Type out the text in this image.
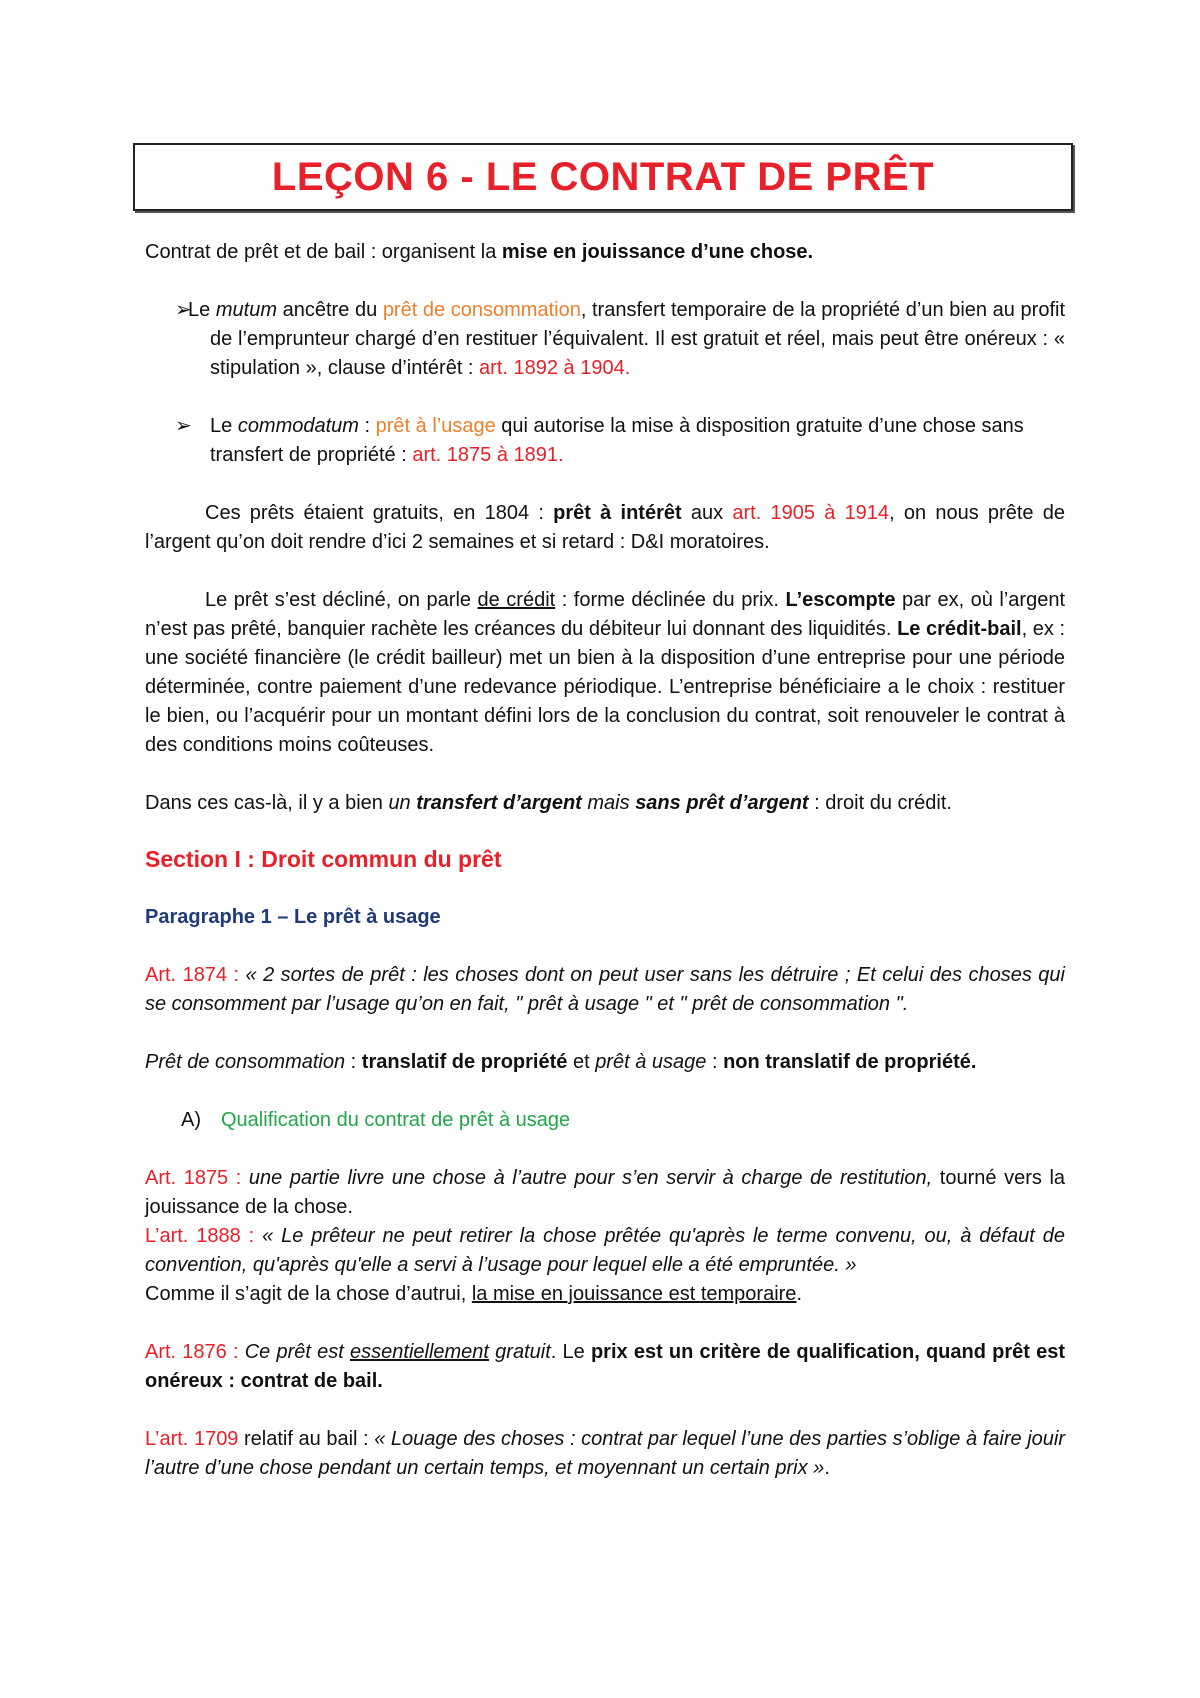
LEÇON 6 - LE CONTRAT DE PRÊT

Contrat de prêt et de bail : organisent la mise en jouissance d’une chose.

➢
Le mutum ancêtre du prêt de consommation, transfert temporaire de la propriété d’un bien au profit de l’emprunteur chargé d’en restituer l’équivalent. Il est gratuit et réel, mais peut être onéreux : « stipulation », clause d’intérêt : art. 1892 à 1904.
➢ Le commodatum : prêt à l’usage qui autorise la mise à disposition gratuite d’une chose sans transfert de propriété : art. 1875 à 1891.

Ces prêts étaient gratuits, en 1804 : prêt à intérêt aux art. 1905 à 1914, on nous prête de l’argent qu’on doit rendre d’ici 2 semaines et si retard : D&I moratoires.

Le prêt s’est décliné, on parle de crédit : forme déclinée du prix. L’escompte par ex, où l’argent n’est pas prêté, banquier rachète les créances du débiteur lui donnant des liquidités. Le crédit-bail, ex : une société financière (le crédit bailleur) met un bien à la disposition d’une entreprise pour une période déterminée, contre paiement d’une redevance périodique. L’entreprise bénéficiaire a le choix : restituer le bien, ou l’acquérir pour un montant défini lors de la conclusion du contrat, soit renouveler le contrat à des conditions moins coûteuses.

Dans ces cas-là, il y a bien un transfert d’argent mais sans prêt d’argent : droit du crédit.

Section I : Droit commun du prêt

Paragraphe 1 – Le prêt à usage

Art. 1874 : « 2 sortes de prêt : les choses dont on peut user sans les détruire ; Et celui des choses qui se consomment par l’usage qu’on en fait, " prêt à usage " et " prêt de consommation ".

Prêt de consommation : translatif de propriété et prêt à usage : non translatif de propriété.

A) Qualification du contrat de prêt à usage

Art. 1875 : une partie livre une chose à l’autre pour s’en servir à charge de restitution, tourné vers la jouissance de la chose.

L’art. 1888 : « Le prêteur ne peut retirer la chose prêtée qu'après le terme convenu, ou, à défaut de convention, qu'après qu'elle a servi à l’usage pour lequel elle a été empruntée. »
Comme il s’agit de la chose d’autrui, la mise en jouissance est temporaire.

Art. 1876 : Ce prêt est essentiellement gratuit. Le prix est un critère de qualification, quand prêt est onéreux : contrat de bail.

L’art. 1709 relatif au bail : « Louage des choses : contrat par lequel l’une des parties s’oblige à faire jouir l’autre d’une chose pendant un certain temps, et moyennant un certain prix ».
